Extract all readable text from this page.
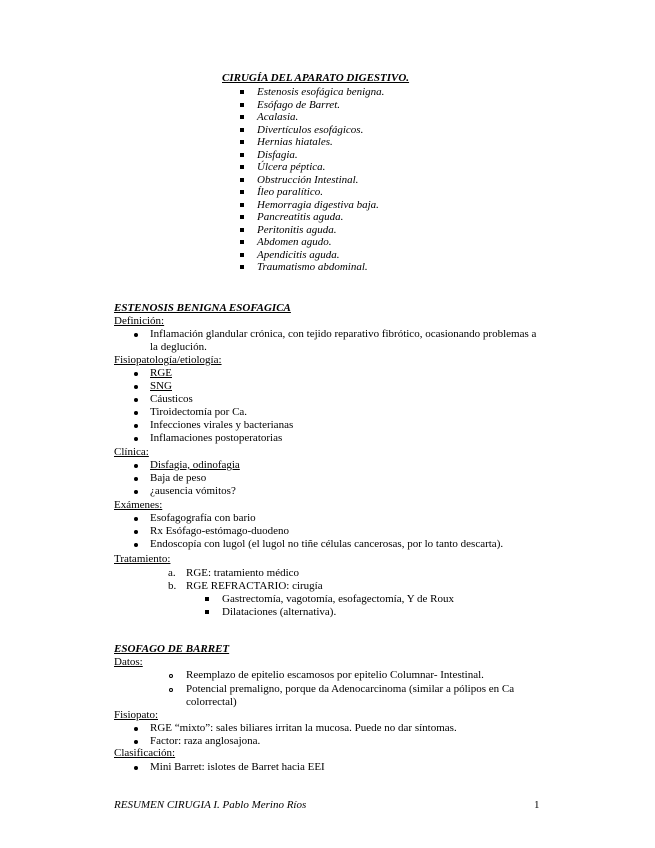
CIRUGÍA DEL APARATO DIGESTIVO.
Estenosis esofágica benigna.
Esófago de Barret.
Acalasia.
Divertículos esofágicos.
Hernias hiatales.
Disfagia.
Úlcera péptica.
Obstrucción Intestinal.
Íleo paralítico.
Hemorragia digestiva baja.
Pancreatitis aguda.
Peritonitis aguda.
Abdomen agudo.
Apendicitis aguda.
Traumatismo abdominal.
ESTENOSIS BENIGNA ESOFAGICA
Definición:
Inflamación glandular crónica, con tejido reparativo fibrótico, ocasionando problemas a
la deglución.
Fisiopatología/etiología:
RGE
SNG
Cáusticos
Tiroidectomía por Ca.
Infecciones virales y bacterianas
Inflamaciones postoperatorias
Clínica:
Disfagia, odinofagia
Baja de peso
¿ausencia vómitos?
Exámenes:
Esofagografía con bario
Rx Esófago-estómago-duodeno
Endoscopía con lugol (el lugol no tiñe células cancerosas, por lo tanto descarta).
Tratamiento:
a. RGE: tratamiento médico
b. RGE REFRACTARIO: cirugía
Gastrectomía, vagotomía, esofagectomía, Y de Roux
Dilataciones (alternativa).
ESOFAGO DE BARRET
Datos:
Reemplazo de epitelio escamosos por epitelio Columnar- Intestinal.
Potencial premaligno, porque da Adenocarcinoma (similar a pólipos en Ca
colorrectal)
Fisiopato:
RGE “mixto”: sales biliares irritan la mucosa. Puede no dar síntomas.
Factor: raza anglosajona.
Clasificación:
Mini Barret: islotes de Barret hacia EEI
RESUMEN CIRUGIA I. Pablo Merino Ríos	1
